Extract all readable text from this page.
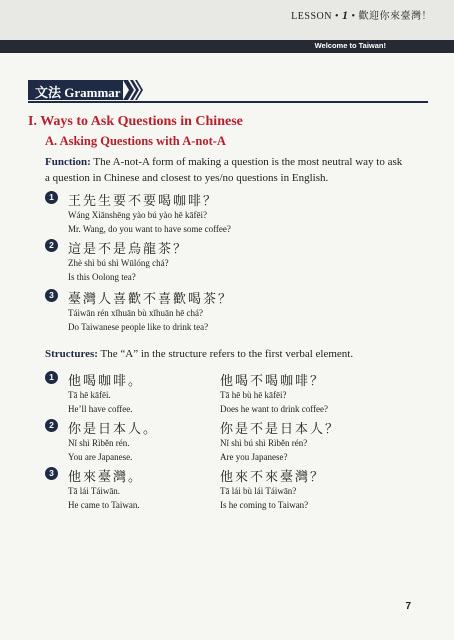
LESSON • 1 • 歡迎你來臺灣！
Welcome to Taiwan!
文法 Grammar
I. Ways to Ask Questions in Chinese
A. Asking Questions with A-not-A
Function: The A-not-A form of making a question is the most neutral way to ask a question in Chinese and closest to yes/no questions in English.
1	王先生要不要喝咖啡？
Wáng Xiānshēng yào bú yào hē kāfēi?
Mr. Wang, do you want to have some coffee?
2	這是不是烏龍茶？
Zhè shì bú shì Wūlóng chá?
Is this Oolong tea?
3	臺灣人喜歡不喜歡喝茶？
Táiwān rén xǐhuān bù xǐhuān hē chá?
Do Taiwanese people like to drink tea?
Structures: The “A” in the structure refers to the first verbal element.
1	他喝咖啡。
Tā hē kāfēi.
He’ll have coffee.
他喝不喝咖啡？
Tā hē bù hē kāfēi?
Does he want to drink coffee?
2	你是日本人。
Nǐ shì Rìběn rén.
You are Japanese.
你是不是日本人？
Nǐ shì bú shì Rìběn rén?
Are you Japanese?
3	他來臺灣。
Tā lái Táiwān.
He came to Taiwan.
他來不來臺灣？
Tā lái bù lái Táiwān?
Is he coming to Taiwan?
7
